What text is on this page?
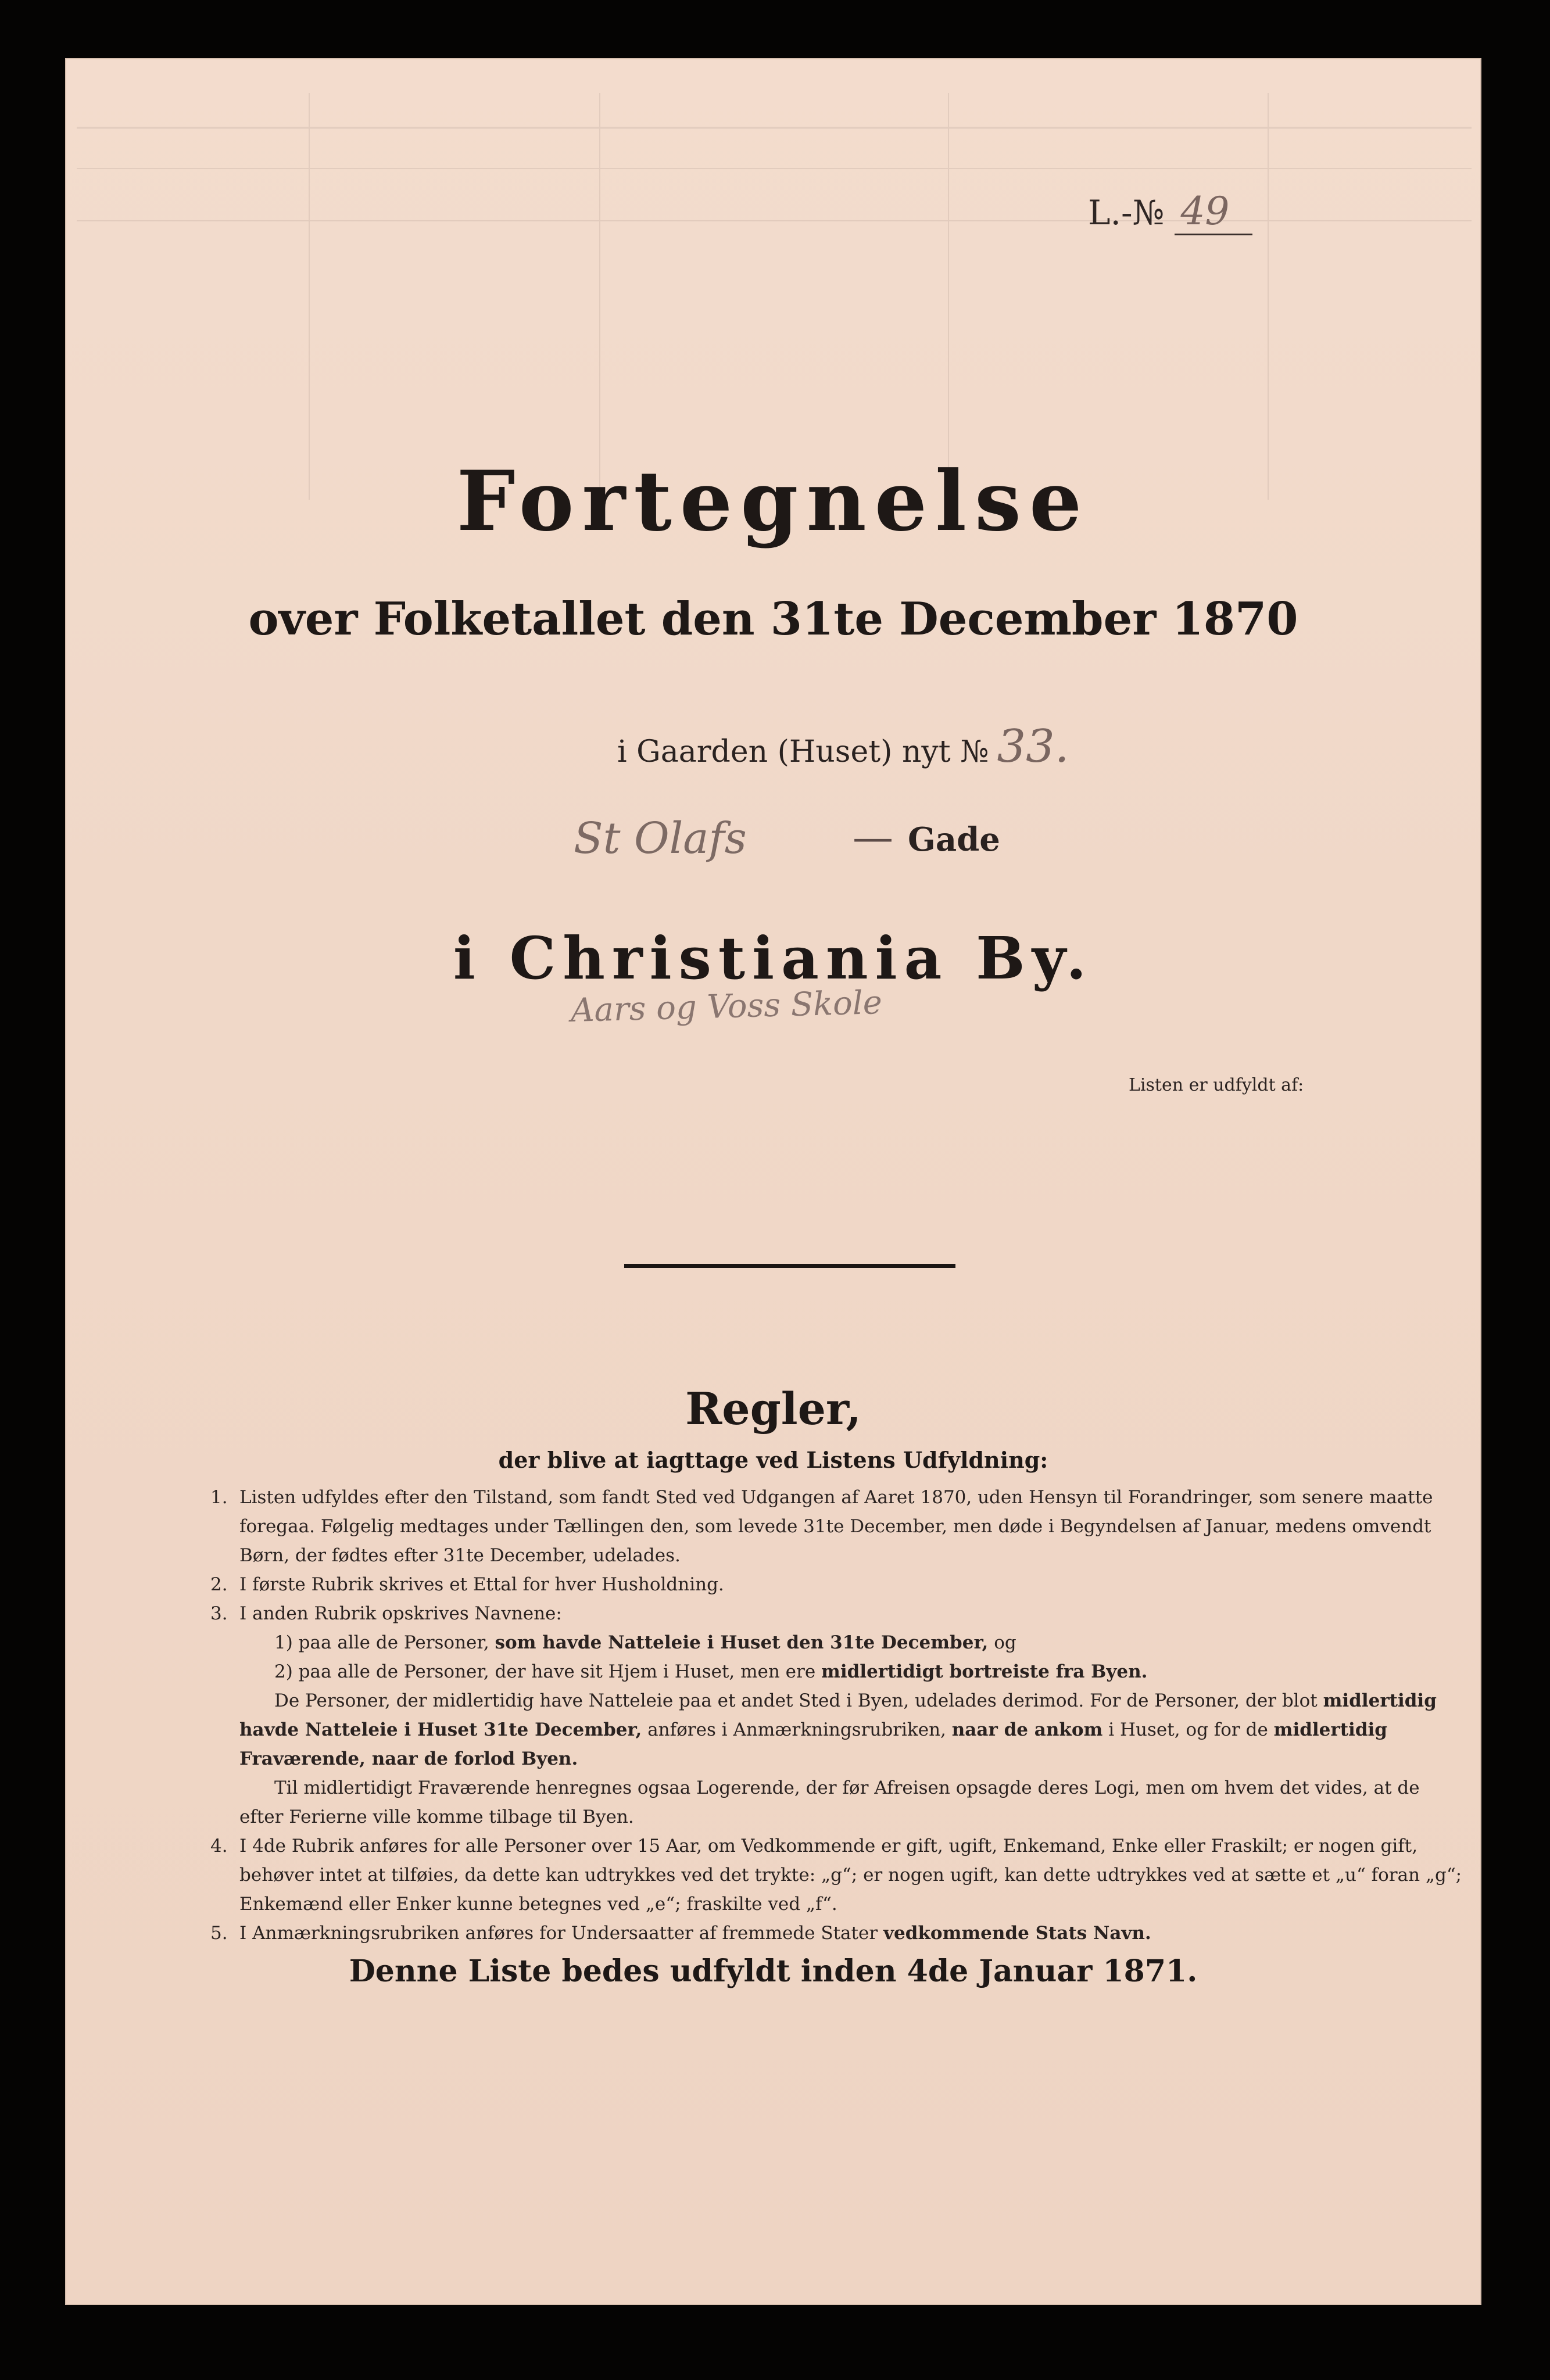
L.-№ 49
Fortegnelse
over Folketallet den 31te December 1870
i Gaarden (Huset) nyt № 33.
St Olafs	— Gade
i Christiania By.
Aars og Voss Skole
Listen er udfyldt af:
Regler,
der blive at iagttage ved Listens Udfyldning:
1. Listen udfyldes efter den Tilstand, som fandt Sted ved Udgangen af Aaret 1870, uden Hensyn til Forandringer, som senere maatte foregaa. Følgelig medtages under Tællingen den, som levede 31te December, men døde i Begyndelsen af Januar, medens omvendt Børn, der fødtes efter 31te December, udelades.
2. I første Rubrik skrives et Ettal for hver Husholdning.
3. I anden Rubrik opskrives Navnene:
1) paa alle de Personer, som havde Natteleie i Huset den 31te December, og
2) paa alle de Personer, der have sit Hjem i Huset, men ere midlertidigt bortreiste fra Byen.
De Personer, der midlertidig have Natteleie paa et andet Sted i Byen, udelades derimod. For de Personer, der blot midlertidig havde Natteleie i Huset 31te December, anføres i Anmærkningsrubriken, naar de ankom i Huset, og for de midlertidig Fraværende, naar de forlod Byen.
Til midlertidigt Fraværende henregnes ogsaa Logerende, der før Afreisen opsagde deres Logi, men om hvem det vides, at de efter Ferierne ville komme tilbage til Byen.
4. I 4de Rubrik anføres for alle Personer over 15 Aar, om Vedkommende er gift, ugift, Enkemand, Enke eller Fraskilt; er nogen gift, behøver intet at tilføies, da dette kan udtrykkes ved det trykte: „g“; er nogen ugift, kan dette udtrykkes ved at sætte et „u“ foran „g“; Enkemænd eller Enker kunne betegnes ved „e“; fraskilte ved „f“.
5. I Anmærkningsrubriken anføres for Undersaatter af fremmede Stater vedkommende Stats Navn.
Denne Liste bedes udfyldt inden 4de Januar 1871.
